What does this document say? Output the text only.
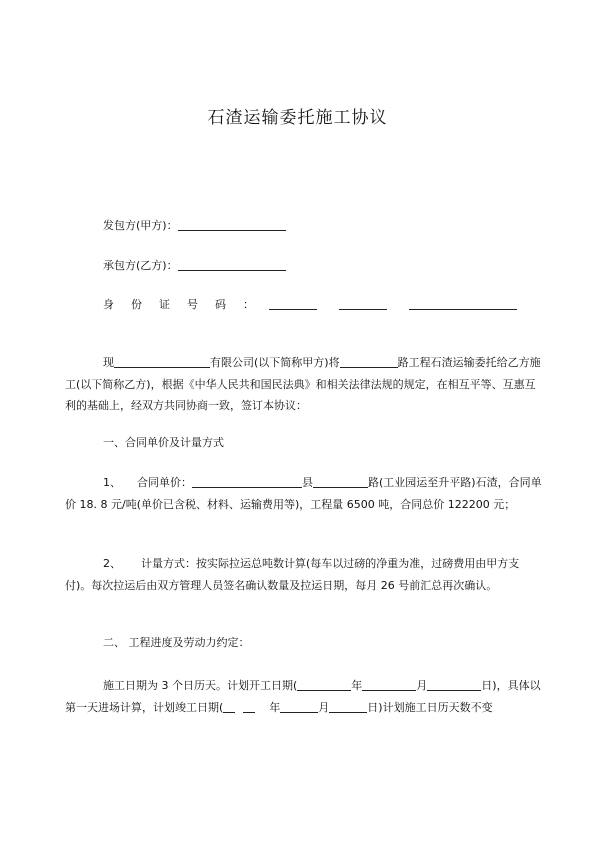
石渣运输委托施工协议
发包方(甲方)：
承包方(乙方)：
身 份 证 号 码 ：
现	有限公司(以下简称甲方)将	路工程石渣运输委托给乙方施工(以下简称乙方)，根据《中华人民共和国民法典》和相关法律法规的规定，在相互平等、互惠互利的基础上，经双方共同协商一致，签订本协议：
一、合同单价及计量方式
1、 合同单价：	县	路(工业园运至升平路)石渣，合同单价 18. 8 元/吨(单价已含税、材料、运输费用等)，工程量 6500 吨，合同总价 122200 元；
2、 计量方式：按实际拉运总吨数计算(每车以过磅的净重为准，过磅费用由甲方支付)。每次拉运后由双方管理人员签名确认数量及拉运日期，每月 26 号前汇总再次确认。
二、 工程进度及劳动力约定：
施工日期为 3 个日历天。计划开工日期(	年	月	日)，具体以第一天进场计算，计划竣工日期(	年	月	日)计划施工日历天数不变
